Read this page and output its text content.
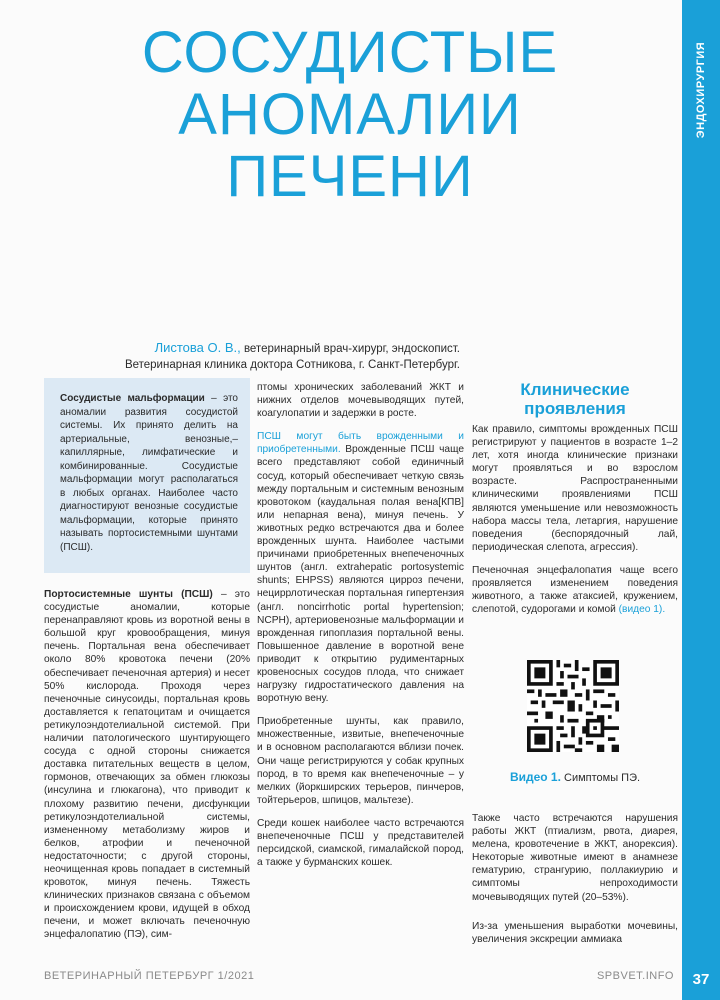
ЭНДОХИРУРГИЯ
37
СОСУДИСТЫЕ
АНОМАЛИИ
ПЕЧЕНИ
Листова О. В., ветеринарный врач-хирург, эндоскопист.
Ветеринарная клиника доктора Сотникова, г. Санкт-Петербург.
Сосудистые мальформации – это аномалии развития сосудистой системы. Их принято делить на артериальные, венозные,– капиллярные, лимфатические и комбинированные. Сосудистые мальформации могут располагаться в любых органах. Наиболее часто диагностируют венозные сосудистые мальформации, которые принято называть портосистемными шунтами (ПСШ).

Портосистемные шунты (ПСШ) – это сосудистые аномалии, которые перенаправляют кровь из воротной вены в большой круг кровообращения, минуя печень. Портальная вена обеспечивает около 80% кровотока печени (20% обеспечивает печеночная артерия) и несет 50% кислорода. Проходя через печеночные синусоиды, портальная кровь доставляется к гепатоцитам и очищается ретикулоэндотелиальной системой. При наличии патологического шунтирующего сосуда с одной стороны снижается доставка питательных веществ в целом, гормонов, отвечающих за обмен глюкозы (инсулина и глюкагона), что приводит к плохому развитию печени, дисфункции ретикулоэндотелиальной системы, измененному метаболизму жиров и белков, атрофии и печеночной недостаточности; с другой стороны, неочищенная кровь попадает в системный кровоток, минуя печень. Тяжесть клинических признаков связана с объемом и происхождением крови, идущей в обход печени, и может включать печеночную энцефалопатию (ПЭ), сим-

птомы хронических заболеваний ЖКТ и нижних отделов мочевыводящих путей, коагулопатии и задержки в росте.

ПСШ могут быть врожденными и приобретенными. Врожденные ПСШ чаще всего представляют собой единичный сосуд, который обеспечивает четкую связь между портальным и системным венозным кровотоком (каудальная полая вена[КПВ] или непарная вена), минуя печень. У животных редко встречаются два и более врожденных шунта. Наиболее частыми причинами приобретенных внепеченочных шунтов (англ. extrahepatic portosystemic shunts; EHPSS) являются цирроз печени, нециррлотическая портальная гипертензия (англ. noncirrhotic portal hypertension; NCPH), артериовенозные мальформации и врожденная гипоплазия портальной вены. Повышенное давление в воротной вене приводит к открытию рудиментарных кровеносных сосудов плода, что снижает нагрузку гидростатического давления на воротную вену.

Приобретенные шунты, как правило, множественные, извитые, внепеченочные и в основном располагаются вблизи почек. Они чаще регистрируются у собак крупных пород, в то время как внепеченочные – у мелких (йоркширских терьеров, пинчеров, тойтерьеров, шпицов, мальтезе).

Среди кошек наиболее часто встречаются внепеченочные ПСШ у представителей персидской, сиамской, гималайской пород, а также у бурманских кошек.

Клинические проявления

Как правило, симптомы врожденных ПСШ регистрируют у пациентов в возрасте 1–2 лет, хотя иногда клинические признаки могут проявляться и во взрослом возрасте. Распространенными клиническими проявлениями ПСШ являются уменьшение или невозможность набора массы тела, летаргия, нарушение поведения (беспорядочный лай, периодическая слепота, агрессия).

Печеночная энцефалопатия чаще всего проявляется изменением поведения животного, а также атаксией, кружением, слепотой, судорогами и комой (видео 1).

Видео 1. Симптомы ПЭ.

Также часто встречаются нарушения работы ЖКТ (птиализм, рвота, диарея, мелена, кровотечение в ЖКТ, анорексия). Некоторые животные имеют в анамнезе гематурию, странгурию, поллакиурию и симптомы непроходимости мочевыводящих путей (20–53%).

Из-за уменьшения выработки мочевины, увеличения экскреции аммиака

ВЕТЕРИНАРНЫЙ ПЕТЕРБУРГ 1/2021	SPBVET.INFO
